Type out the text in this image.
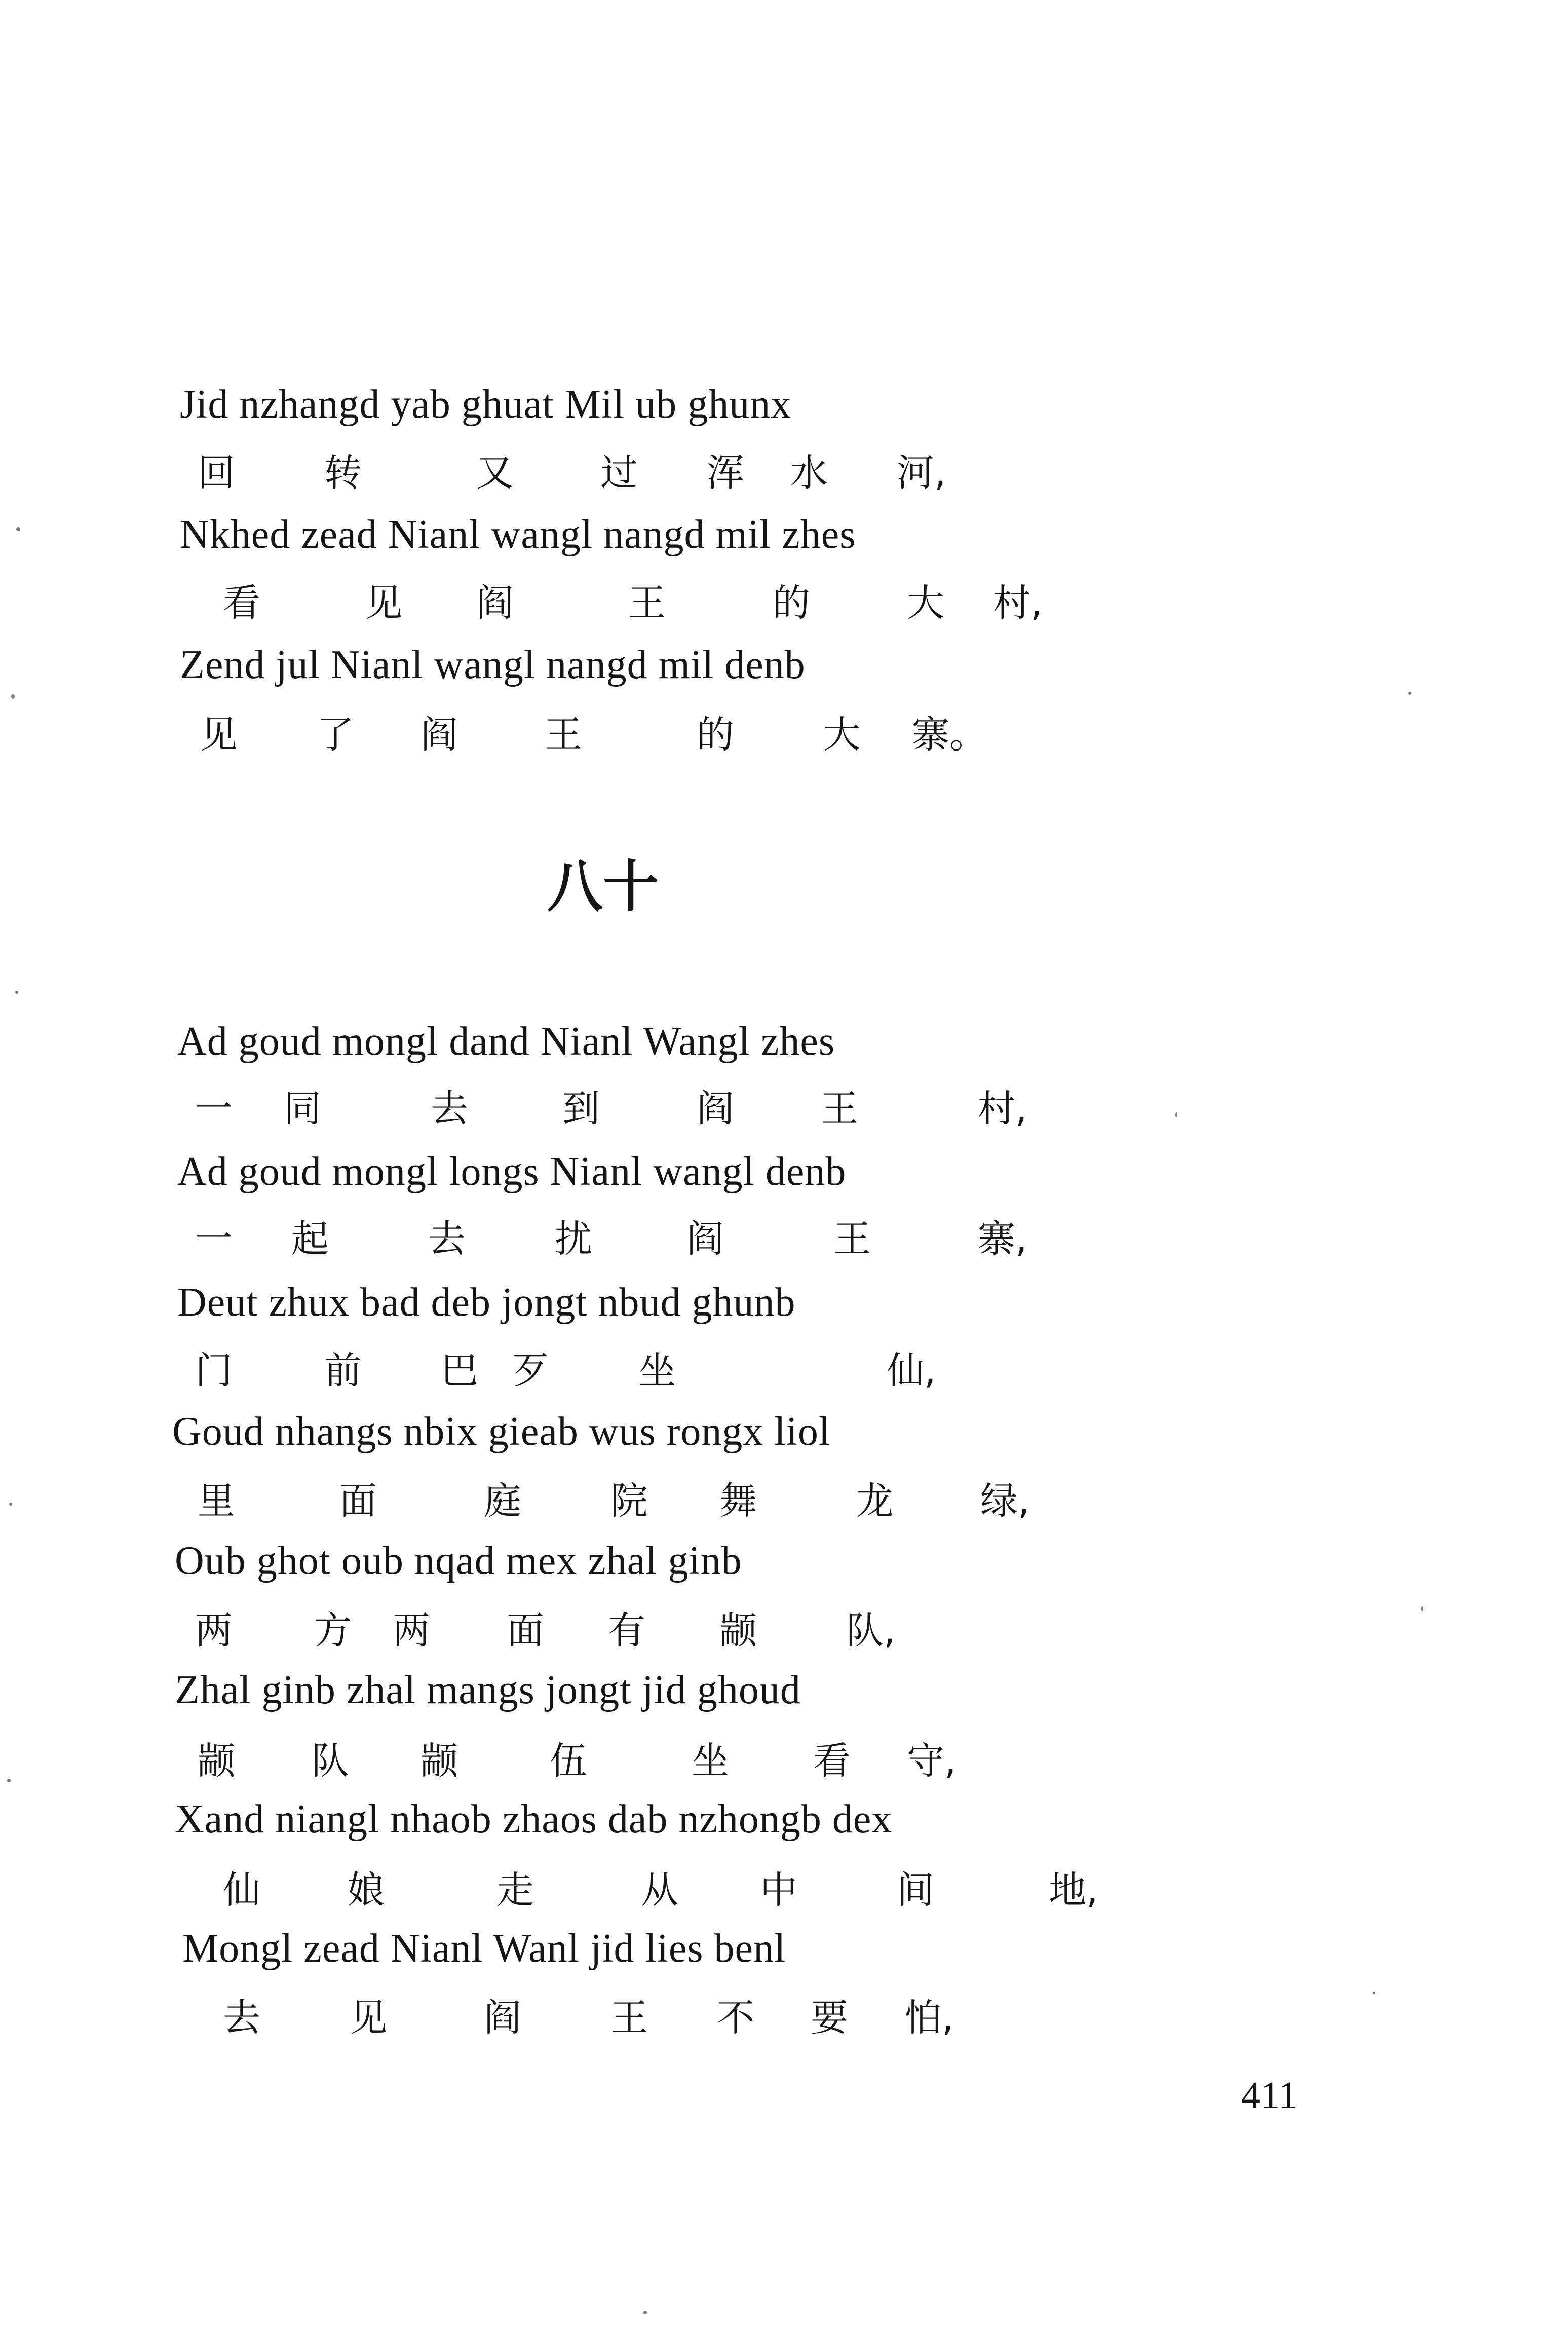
Jid nzhangd yab ghuat Mil ub ghunx

回 转	又 过 浑 水 河,

Nkhed zead Nianl wangl nangd mil zhes

看	见 阎	王	的	大 村,

Zend jul Nianl wangl nangd mil denb

见 了 阎 王	的 大 寨。
八十

Ad goud mongl dand Nianl Wangl zhes

一 同	去	到	阎 王	村,

Ad goud mongl longs Nianl wangl denb

一 起	去 扰	阎	王	寨,

Deut zhux bad deb jongt nbud ghunb

门 前 巴 歹 坐	仙,

Goud nhangs nbix gieab wus rongx liol

里	面	庭 院 舞	龙 绿,

Oub ghot oub nqad mex zhal ginb

两 方 两 面 有 颛 队,

Zhal ginb zhal mangs jongt jid ghoud

颛 队 颛 伍	坐 看 守,

Xand niangl nhaob zhaos dab nzhongb dex

仙 娘	走	从 中	间	地,

Mongl zead Nianl Wanl jid lies benl

去 见	阎 王 不 要 怕,
411
